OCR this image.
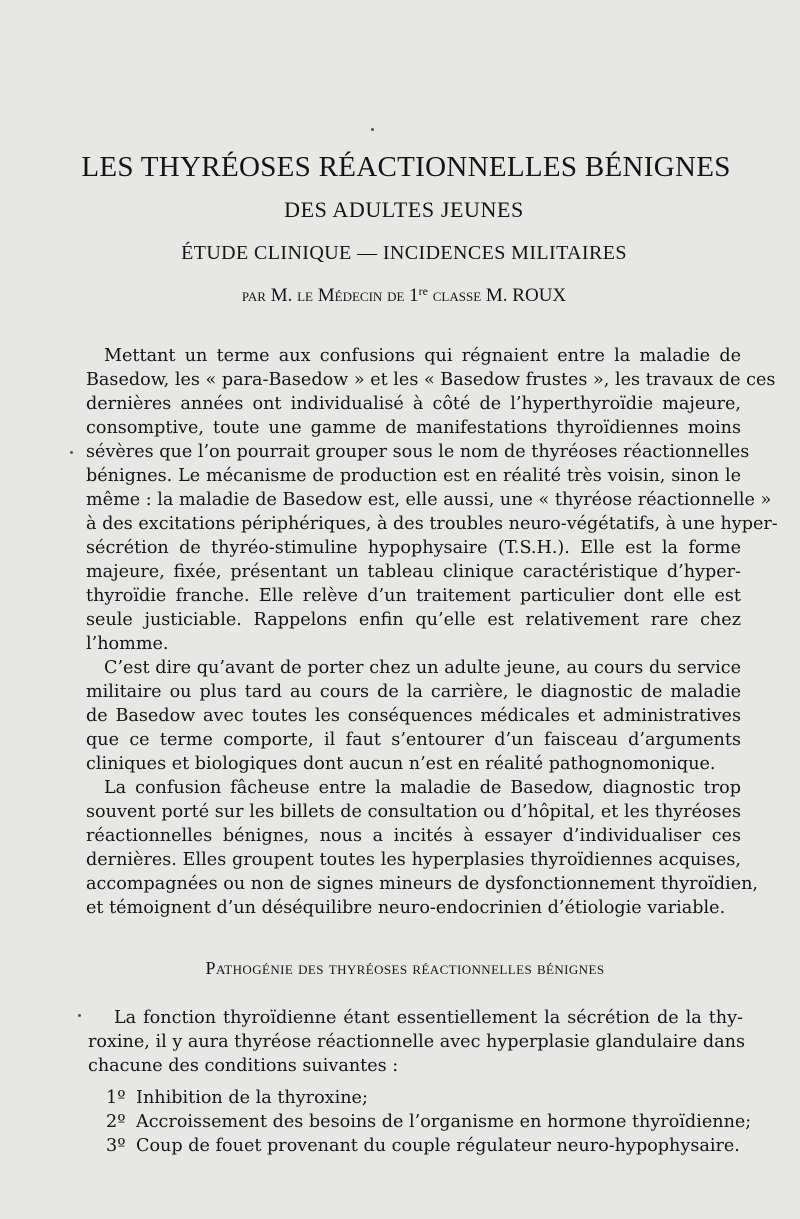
LES THYRÉOSES RÉACTIONNELLES BÉNIGNES
DES ADULTES JEUNES
ÉTUDE CLINIQUE — INCIDENCES MILITAIRES
par M. le Médecin de 1re classe M. ROUX

Mettant un terme aux confusions qui régnaient entre la maladie de

Basedow, les « para-Basedow » et les « Basedow frustes », les travaux de ces

dernières années ont individualisé à côté de l’hyperthyroïdie majeure,

consomptive, toute une gamme de manifestations thyroïdiennes moins

sévères que l’on pourrait grouper sous le nom de thyréoses réactionnelles

bénignes. Le mécanisme de production est en réalité très voisin, sinon le

même : la maladie de Basedow est, elle aussi, une « thyréose réactionnelle »

à des excitations périphériques, à des troubles neuro-végétatifs, à une hyper-

sécrétion de thyréo-stimuline hypophysaire (T.S.H.). Elle est la forme

majeure, fixée, présentant un tableau clinique caractéristique d’hyper-

thyroïdie franche. Elle relève d’un traitement particulier dont elle est

seule justiciable. Rappelons enfin qu’elle est relativement rare chez

l’homme.

C’est dire qu’avant de porter chez un adulte jeune, au cours du service

militaire ou plus tard au cours de la carrière, le diagnostic de maladie

de Basedow avec toutes les conséquences médicales et administratives

que ce terme comporte, il faut s’entourer d’un faisceau d’arguments

cliniques et biologiques dont aucun n’est en réalité pathognomonique.

La confusion fâcheuse entre la maladie de Basedow, diagnostic trop

souvent porté sur les billets de consultation ou d’hôpital, et les thyréoses

réactionnelles bénignes, nous a incités à essayer d’individualiser ces

dernières. Elles groupent toutes les hyperplasies thyroïdiennes acquises,

accompagnées ou non de signes mineurs de dysfonctionnement thyroïdien,

et témoignent d’un déséquilibre neuro-endocrinien d’étiologie variable.

Pathogénie des thyréoses réactionnelles bénignes

La fonction thyroïdienne étant essentiellement la sécrétion de la thy-

roxine, il y aura thyréose réactionnelle avec hyperplasie glandulaire dans

chacune des conditions suivantes :

1º Inhibition de la thyroxine;
2º Accroissement des besoins de l’organisme en hormone thyroïdienne;
3º Coup de fouet provenant du couple régulateur neuro-hypophysaire.
